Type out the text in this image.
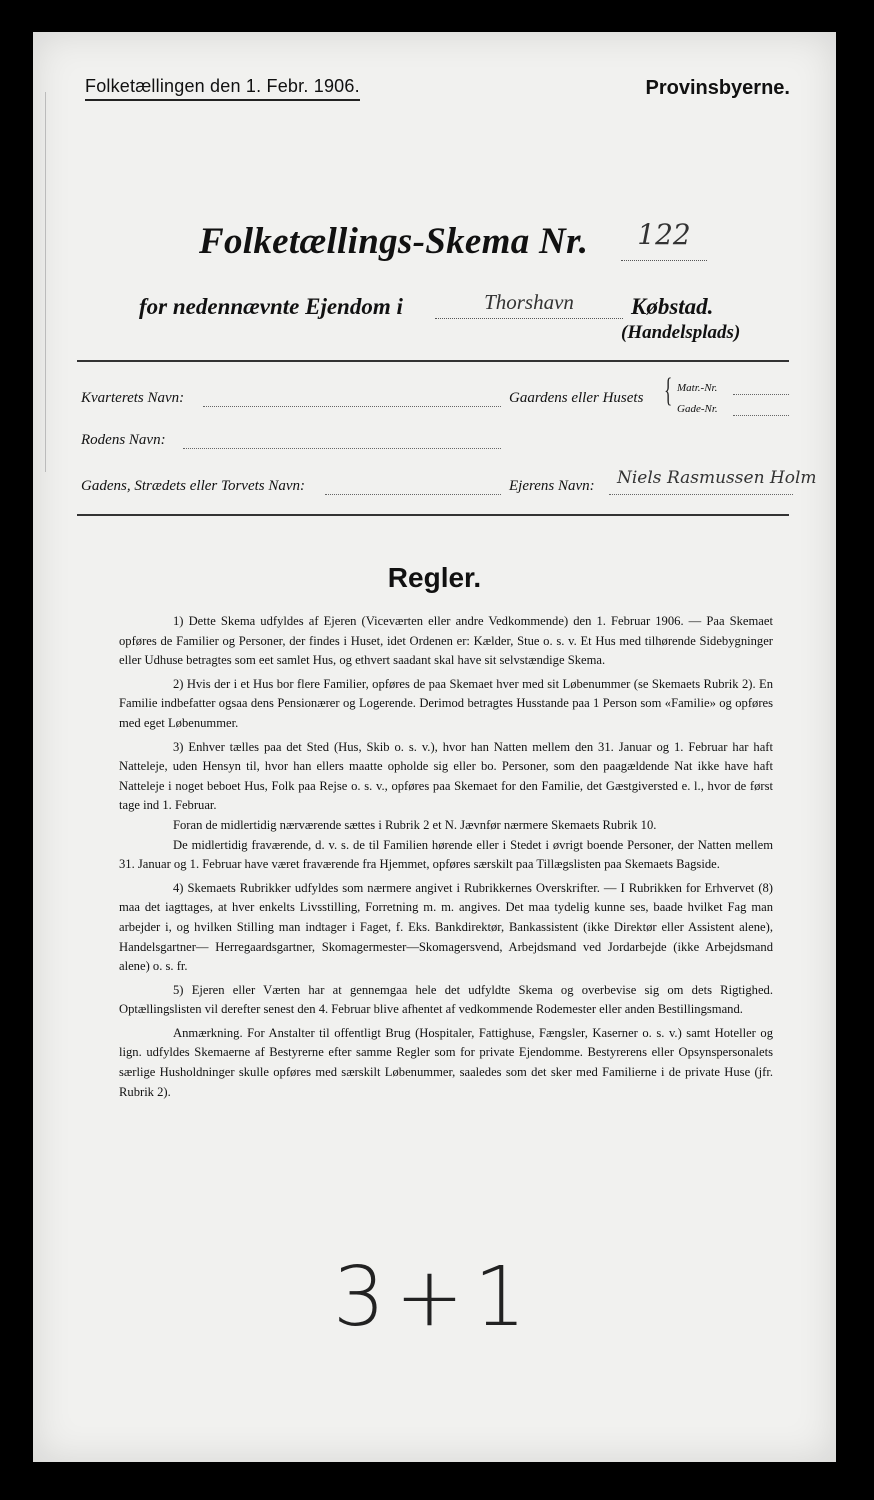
Folketællingen den 1. Febr. 1906.	Provinsbyerne.
Folketællings-Skema Nr.	122
for nedennævnte Ejendom i	Thorshavn	Købstad.
(Handelsplads)
Kvarterets Navn:	Gaardens eller Husets { Matr.-Nr.
Gade-Nr.
Rodens Navn:
Gadens, Strædets eller Torvets Navn:	Ejerens Navn: Niels Rasmussen Holm
Regler.

1) Dette Skema udfyldes af Ejeren (Viceværten eller andre Vedkommende) den 1. Februar 1906. — Paa Skemaet opføres de Familier og Personer, der findes i Huset, idet Ordenen er: Kælder, Stue o. s. v. Et Hus med tilhørende Sidebygninger eller Udhuse betragtes som eet samlet Hus, og ethvert saadant skal have sit selvstændige Skema.

2) Hvis der i et Hus bor flere Familier, opføres de paa Skemaet hver med sit Løbenummer (se Skemaets Rubrik 2). En Familie indbefatter ogsaa dens Pensionærer og Logerende. Derimod betragtes Husstande paa 1 Person som «Familie» og opføres med eget Løbenummer.

3) Enhver tælles paa det Sted (Hus, Skib o. s. v.), hvor han Natten mellem den 31. Januar og 1. Februar har haft Natteleje, uden Hensyn til, hvor han ellers maatte opholde sig eller bo. Personer, som den paagældende Nat ikke have haft Natteleje i noget beboet Hus, Folk paa Rejse o. s. v., opføres paa Skemaet for den Familie, det Gæstgiversted e. l., hvor de først tage ind 1. Februar.

Foran de midlertidig nærværende sættes i Rubrik 2 et N. Jævnfør nærmere Skemaets Rubrik 10.

De midlertidig fraværende, d. v. s. de til Familien hørende eller i Stedet i øvrigt boende Personer, der Natten mellem 31. Januar og 1. Februar have været fraværende fra Hjemmet, opføres særskilt paa Tillægslisten paa Skemaets Bagside.

4) Skemaets Rubrikker udfyldes som nærmere angivet i Rubrikkernes Overskrifter. — I Rubrikken for Erhvervet (8) maa det iagttages, at hver enkelts Livsstilling, Forretning m. m. angives. Det maa tydelig kunne ses, baade hvilket Fag man arbejder i, og hvilken Stilling man indtager i Faget, f. Eks. Bankdirektør, Bankassistent (ikke Direktør eller Assistent alene), Handelsgartner— Herregaardsgartner, Skomagermester—Skomagersvend, Arbejdsmand ved Jordarbejde (ikke Arbejdsmand alene) o. s. fr.

5) Ejeren eller Værten har at gennemgaa hele det udfyldte Skema og overbevise sig om dets Rigtighed. Optællingslisten vil derefter senest den 4. Februar blive afhentet af vedkommende Rodemester eller anden Bestillingsmand.

Anmærkning. For Anstalter til offentligt Brug (Hospitaler, Fattighuse, Fængsler, Kaserner o. s. v.) samt Hoteller og lign. udfyldes Skemaerne af Bestyrerne efter samme Regler som for private Ejendomme. Bestyrerens eller Opsynspersonalets særlige Husholdninger skulle opføres med særskilt Løbenummer, saaledes som det sker med Familierne i de private Huse (jfr. Rubrik 2).

3+1
